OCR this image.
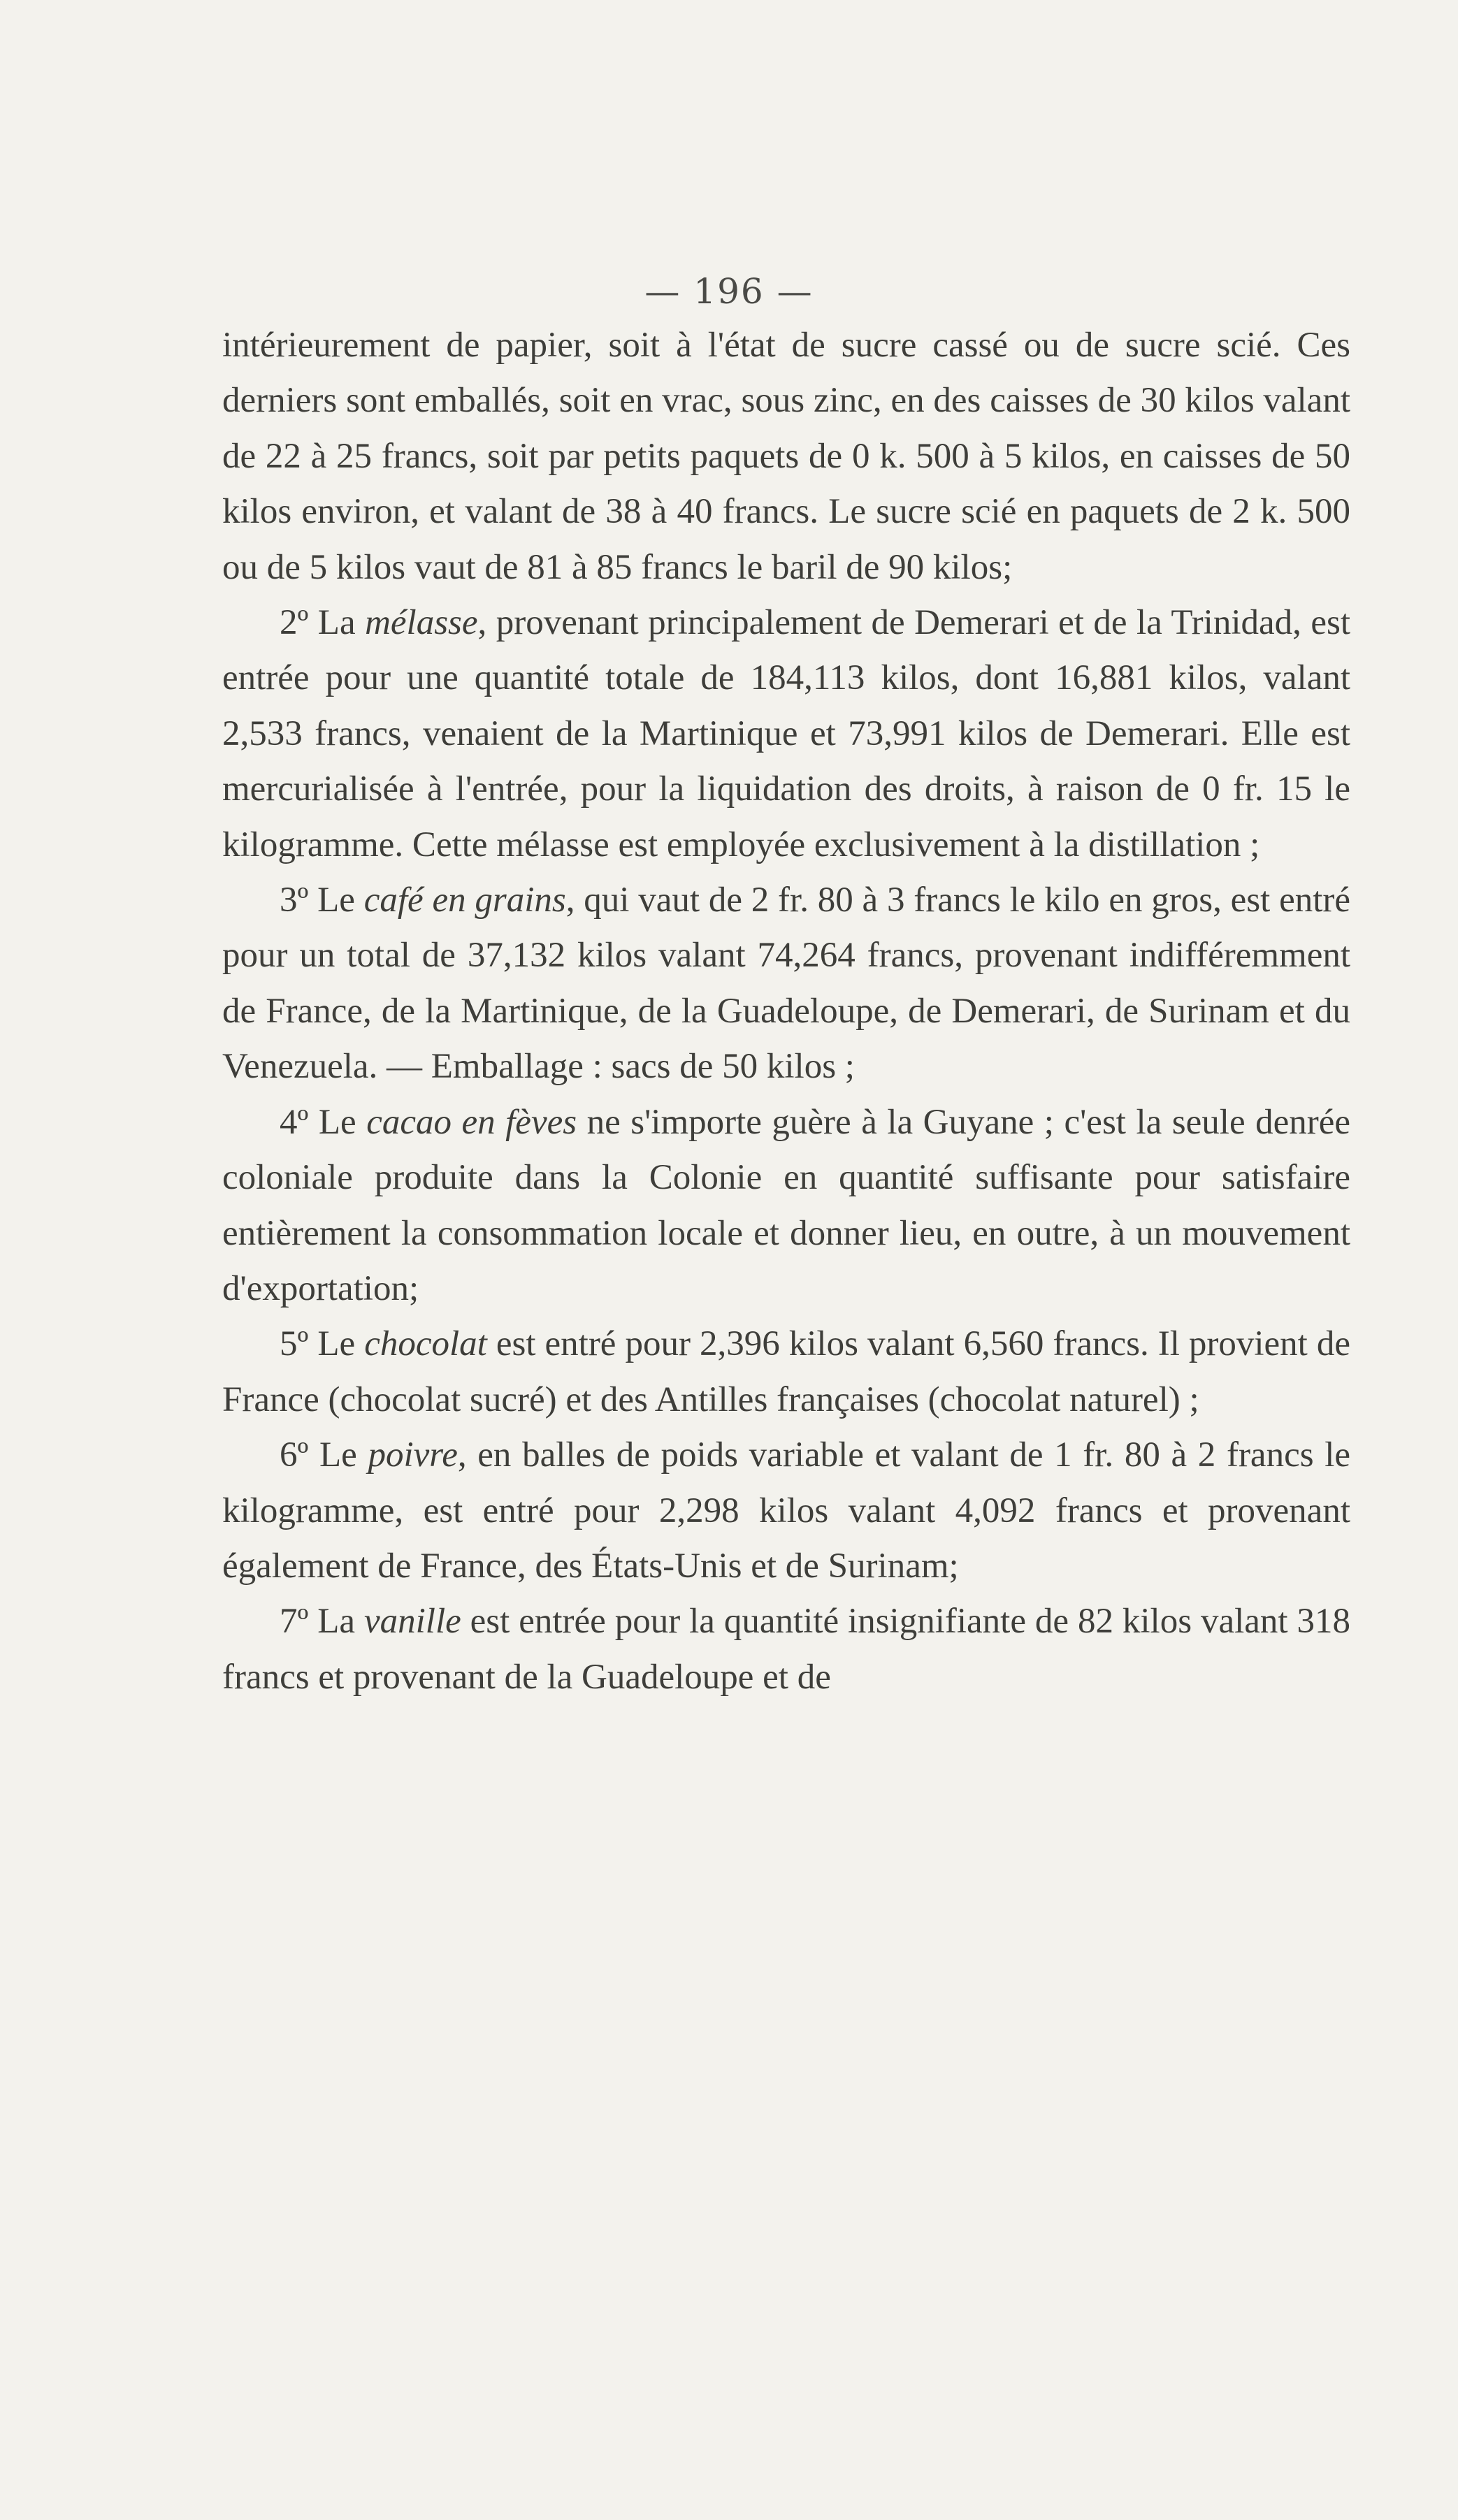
— 196 —

intérieurement de papier, soit à l'état de sucre cassé ou de sucre scié. Ces derniers sont emballés, soit en vrac, sous zinc, en des caisses de 30 kilos valant de 22 à 25 francs, soit par petits paquets de 0 k. 500 à 5 kilos, en caisses de 50 kilos environ, et valant de 38 à 40 francs. Le sucre scié en paquets de 2 k. 500 ou de 5 kilos vaut de 81 à 85 francs le baril de 90 kilos;

2º La mélasse, provenant principalement de Demerari et de la Trinidad, est entrée pour une quantité totale de 184,113 kilos, dont 16,881 kilos, valant 2,533 francs, venaient de la Martinique et 73,991 kilos de Demerari. Elle est mercurialisée à l'entrée, pour la liquidation des droits, à raison de 0 fr. 15 le kilogramme. Cette mélasse est employée exclusivement à la distillation ;

3º Le café en grains, qui vaut de 2 fr. 80 à 3 francs le kilo en gros, est entré pour un total de 37,132 kilos valant 74,264 francs, provenant indifféremment de France, de la Martinique, de la Guadeloupe, de Demerari, de Surinam et du Venezuela. — Emballage : sacs de 50 kilos ;

4º Le cacao en fèves ne s'importe guère à la Guyane ; c'est la seule denrée coloniale produite dans la Colonie en quantité suffisante pour satisfaire entièrement la consommation locale et donner lieu, en outre, à un mouvement d'exportation;

5º Le chocolat est entré pour 2,396 kilos valant 6,560 francs. Il provient de France (chocolat sucré) et des Antilles françaises (chocolat naturel) ;

6º Le poivre, en balles de poids variable et valant de 1 fr. 80 à 2 francs le kilogramme, est entré pour 2,298 kilos valant 4,092 francs et provenant également de France, des États-Unis et de Surinam;

7º La vanille est entrée pour la quantité insignifiante de 82 kilos valant 318 francs et provenant de la Guadeloupe et de
